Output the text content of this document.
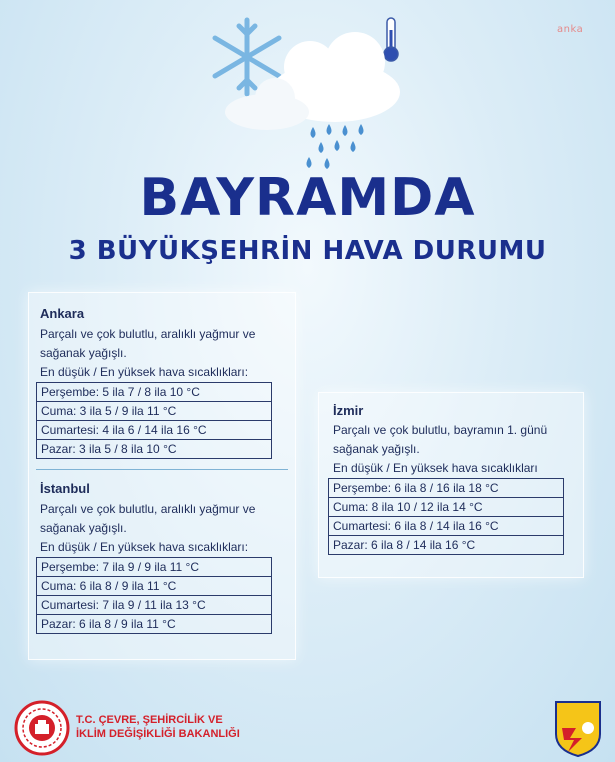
anka
BAYRAMDA
3 BÜYÜKŞEHRİN HAVA DURUMU
Ankara
Parçalı ve çok bulutlu, aralıklı yağmur ve
sağanak yağışlı.
En düşük / En yüksek hava sıcaklıkları:
Perşembe: 5 ila 7 / 8 ila 10 °C
Cuma: 3 ila 5 / 9 ila 11 °C
Cumartesi: 4 ila 6 / 14 ila 16 °C
Pazar: 3 ila 5 / 8 ila 10 °C
İstanbul
Parçalı ve çok bulutlu, aralıklı yağmur ve
sağanak yağışlı.
En düşük / En yüksek hava sıcaklıkları:
Perşembe: 7 ila 9 / 9 ila 11 °C
Cuma: 6 ila 8 / 9 ila 11 °C
Cumartesi: 7 ila 9 / 11 ila 13 °C
Pazar: 6 ila 8 / 9 ila 11 °C
İzmir
Parçalı ve çok bulutlu, bayramın 1. günü
sağanak yağışlı.
En düşük / En yüksek hava sıcaklıkları
Perşembe: 6 ila 8 / 16 ila 18 °C
Cuma: 8 ila 10 / 12 ila 14 °C
Cumartesi: 6 ila 8 / 14 ila 16 °C
Pazar: 6 ila 8 / 14 ila 16 °C
T.C. ÇEVRE, ŞEHİRCİLİK VE
İKLİM DEĞİŞİKLİĞİ BAKANLIĞI
